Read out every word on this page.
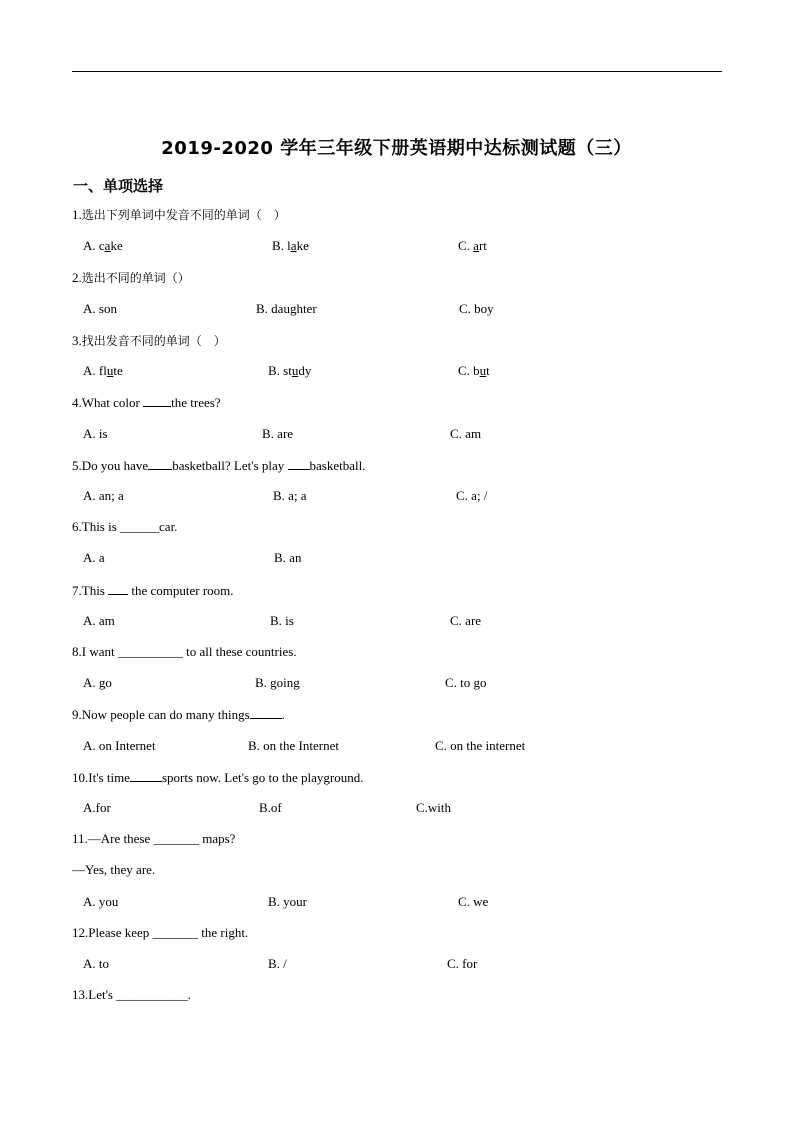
2019-2020 学年三年级下册英语期中达标测试题（三）
一、单项选择
1.选出下列单词中发音不同的单词（　）
A. cake	B. lake	C. art
2.选出不同的单词（）
A. son	B. daughter	C. boy
3.找出发音不同的单词（　）
A. flute	B. study	C. but
4.What color the trees?
A. is	B. are	C. am
5.Do you have basketball? Let's play basketball.
A. an; a	B. a; a	C. a; /
6.This is ______car.
A. a	B. an
7.This  the computer room.
A. am	B. is	C. are
8.I want __________ to all these countries.
A. go	B. going	C. to go
9.Now people can do many things .
A. on Internet	B. on the Internet	C. on the internet
10.It's time sports now. Let's go to the playground.
A.for	B.of	C.with
11.—Are these _______ maps?
—Yes, they are.
A. you	B. your	C. we
12.Please keep _______ the right.
A. to	B. /	C. for
13.Let's ___________.
